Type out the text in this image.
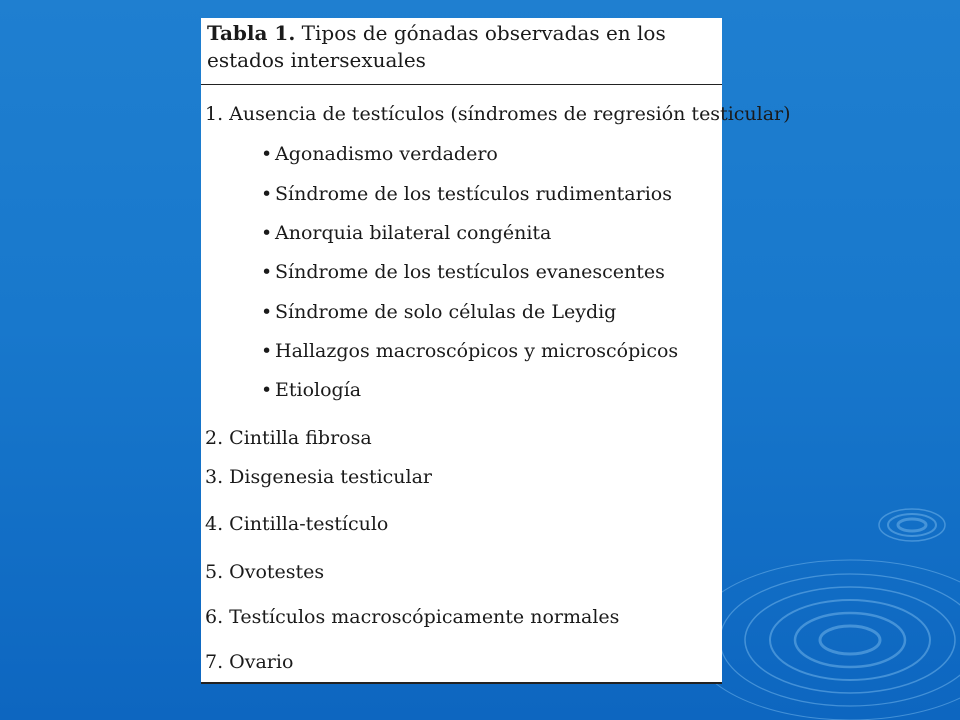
Tabla 1. Tipos de gónadas observadas en los estados intersexuales

1. Ausencia de testículos (síndromes de regresión testicular)
• Agonadismo verdadero
• Síndrome de los testículos rudimentarios
• Anorquia bilateral congénita
• Síndrome de los testículos evanescentes
• Síndrome de solo células de Leydig
• Hallazgos macroscópicos y microscópicos
• Etiología
2. Cintilla fibrosa
3. Disgenesia testicular
4. Cintilla-testículo
5. Ovotestes
6. Testículos macroscópicamente normales
7. Ovario
